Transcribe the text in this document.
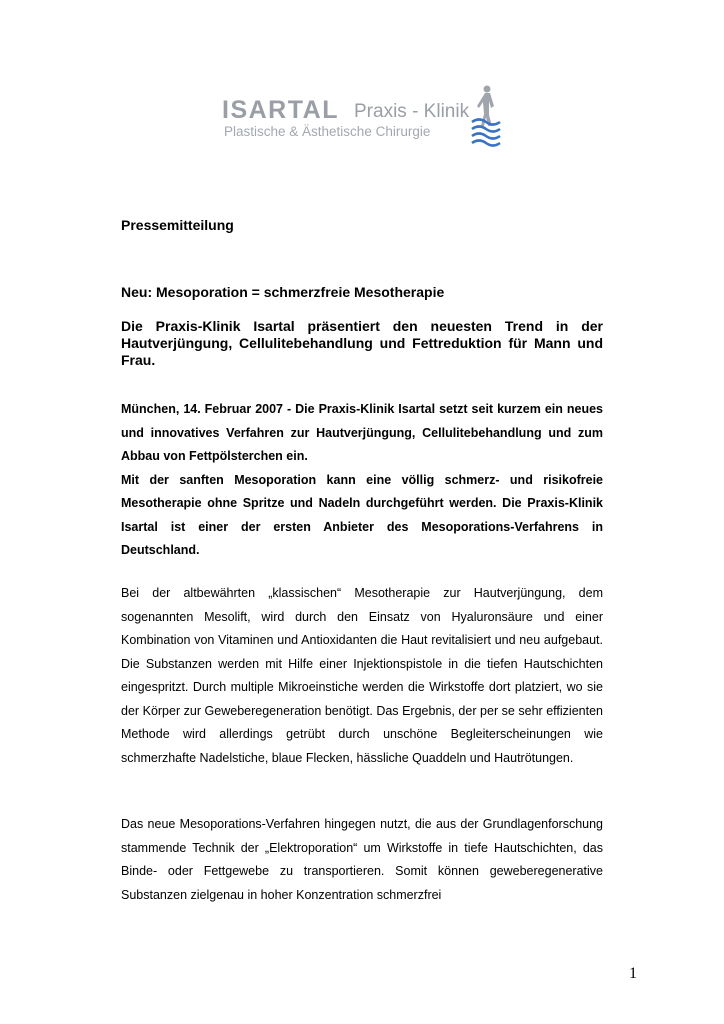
ISARTAL Praxis - Klinik
Plastische & Ästhetische Chirurgie

Pressemitteilung

Neu: Mesoporation = schmerzfreie Mesotherapie

Die Praxis-Klinik Isartal präsentiert den neuesten Trend in der Hautverjüngung, Cellulitebehandlung und Fettreduktion für Mann und Frau.

München, 14. Februar 2007 - Die Praxis-Klinik Isartal setzt seit kurzem ein neues und innovatives Verfahren zur Hautverjüngung, Cellulitebehandlung und zum Abbau von Fettpölsterchen ein.

Mit der sanften Mesoporation kann eine völlig schmerz- und risikofreie Mesotherapie ohne Spritze und Nadeln durchgeführt werden. Die Praxis-Klinik Isartal ist einer der ersten Anbieter des Mesoporations-Verfahrens in Deutschland.

Bei der altbewährten „klassischen“ Mesotherapie zur Hautverjüngung, dem sogenannten Mesolift, wird durch den Einsatz von Hyaluronsäure und einer Kombination von Vitaminen und Antioxidanten die Haut revitalisiert und neu aufgebaut. Die Substanzen werden mit Hilfe einer Injektionspistole in die tiefen Hautschichten eingespritzt. Durch multiple Mikroeinstiche werden die Wirkstoffe dort platziert, wo sie der Körper zur Geweberegeneration benötigt. Das Ergebnis, der per se sehr effizienten Methode wird allerdings getrübt durch unschöne Begleiterscheinungen wie schmerzhafte Nadelstiche, blaue Flecken, hässliche Quaddeln und Hautrötungen.

Das neue Mesoporations-Verfahren hingegen nutzt, die aus der Grundlagenforschung stammende Technik der „Elektroporation“ um Wirkstoffe in tiefe Hautschichten, das Binde- oder Fettgewebe zu transportieren. Somit können geweberegenerative Substanzen zielgenau in hoher Konzentration schmerzfrei

1
